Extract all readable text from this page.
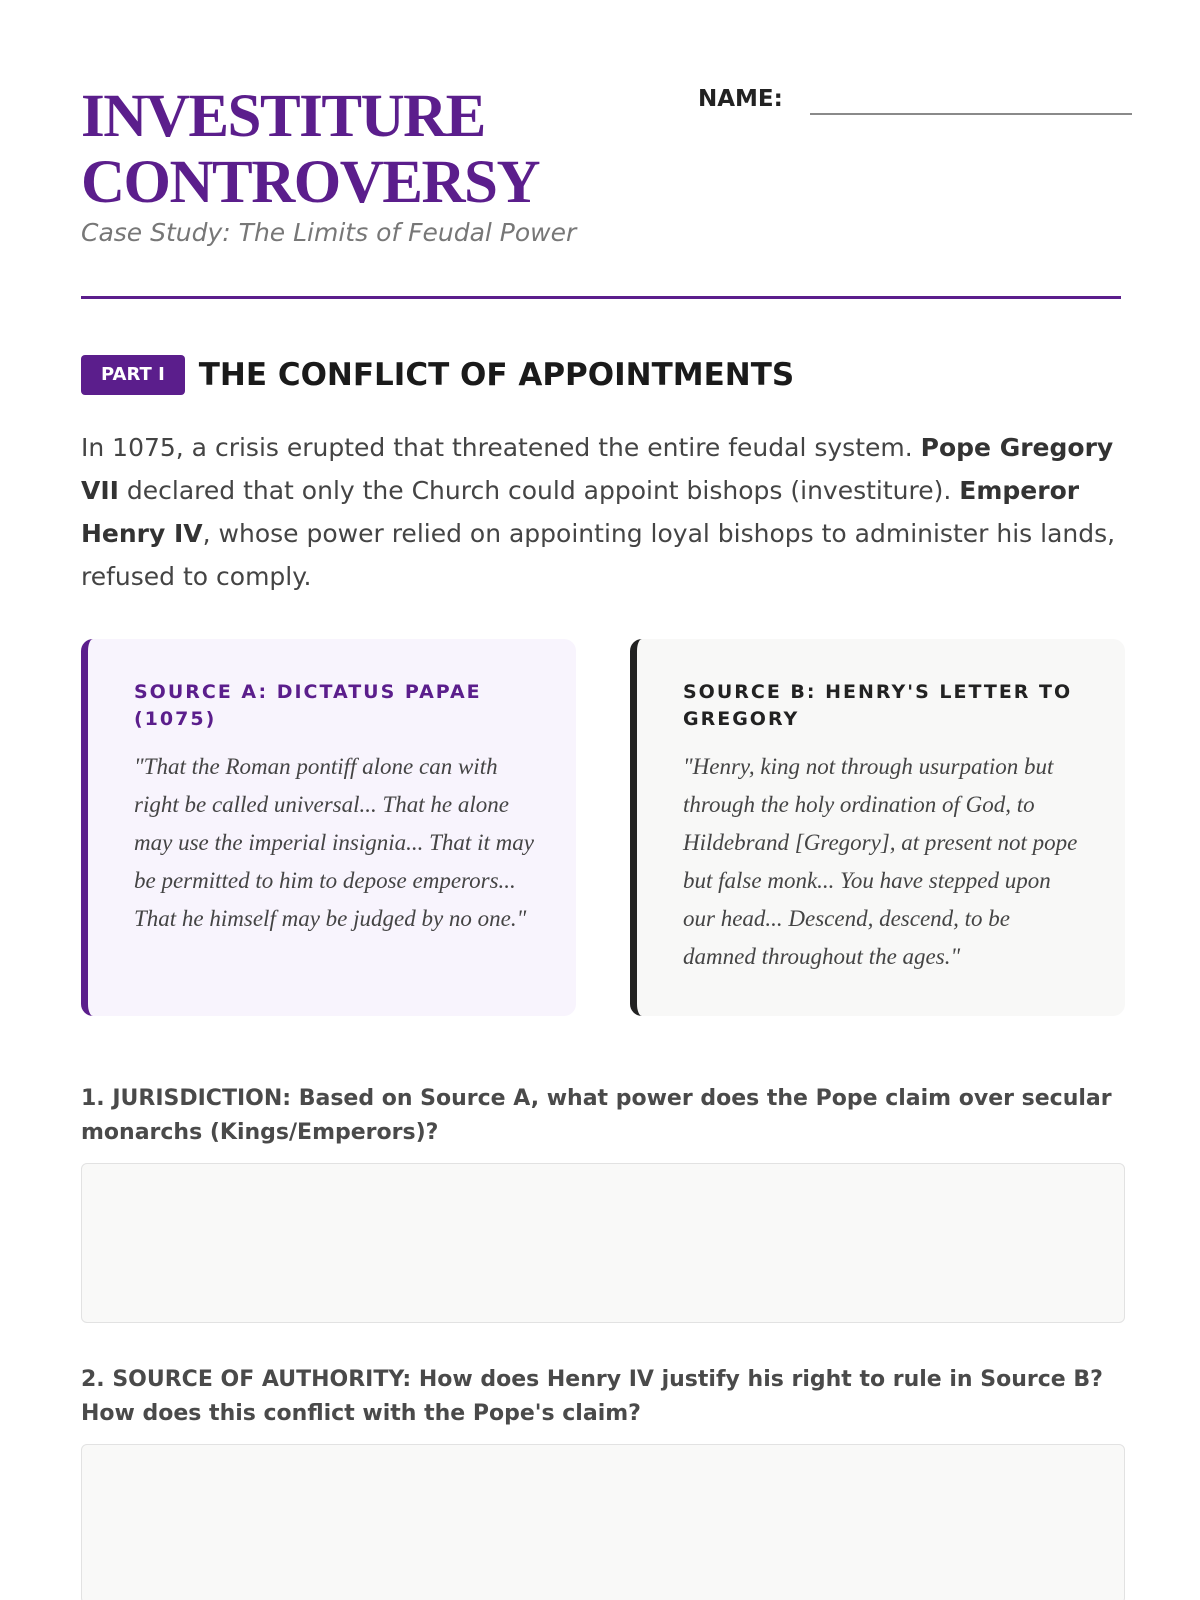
INVESTITURE
CONTROVERSY
Case Study: The Limits of Feudal Power
NAME:
PART I	THE CONFLICT OF APPOINTMENTS

In 1075, a crisis erupted that threatened the entire feudal system. Pope Gregory VII declared that only the Church could appoint bishops (investiture). Emperor Henry IV, whose power relied on appointing loyal bishops to administer his lands, refused to comply.

SOURCE A: DICTATUS PAPAE (1075)
"That the Roman pontiff alone can with right be called universal... That he alone may use the imperial insignia... That it may be permitted to him to depose emperors... That he himself may be judged by no one."
SOURCE B: HENRY'S LETTER TO GREGORY
"Henry, king not through usurpation but through the holy ordination of God, to Hildebrand [Gregory], at present not pope but false monk... You have stepped upon our head... Descend, descend, to be damned throughout the ages."
1. JURISDICTION: Based on Source A, what power does the Pope claim over secular monarchs (Kings/Emperors)?
2. SOURCE OF AUTHORITY: How does Henry IV justify his right to rule in Source B? How does this conflict with the Pope's claim?
